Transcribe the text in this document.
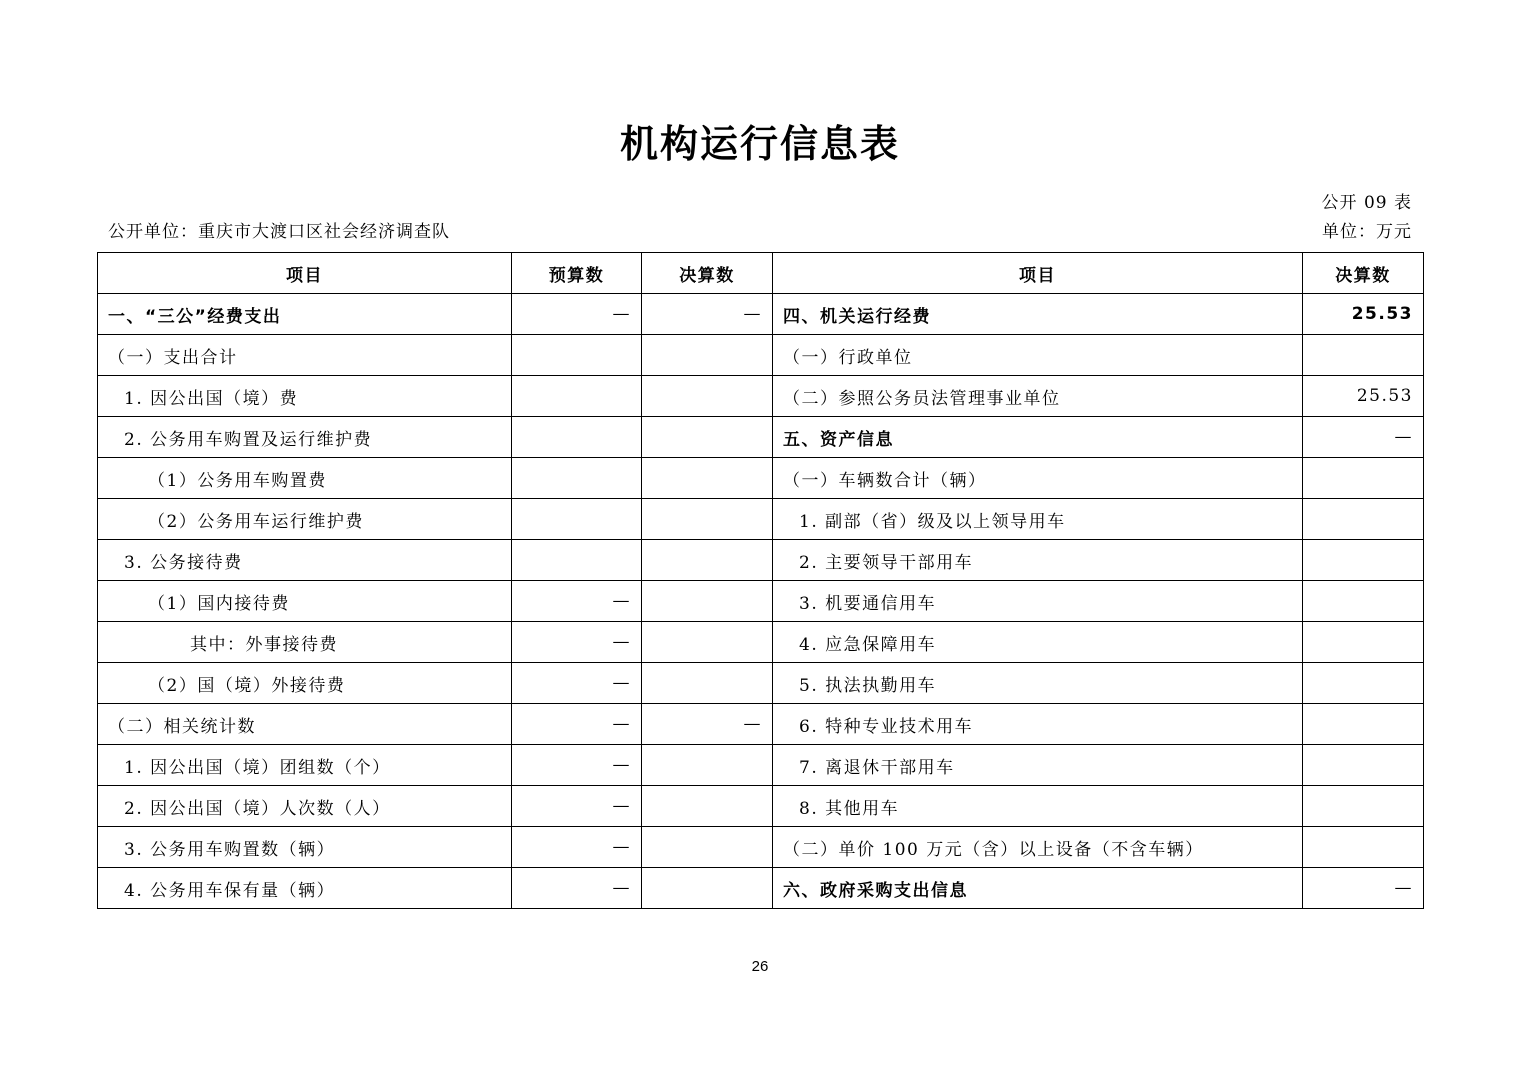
机构运行信息表
公开 09 表
公开单位：重庆市大渡口区社会经济调查队	单位：万元
项目	预算数	决算数	项目	决算数
一、“三公”经费支出	—	—	四、机关运行经费	25.53
（一）支出合计			（一）行政单位	
1. 因公出国（境）费			（二）参照公务员法管理事业单位	25.53
2. 公务用车购置及运行维护费			五、资产信息	—
（1）公务用车购置费			（一）车辆数合计（辆）	
（2）公务用车运行维护费			1. 副部（省）级及以上领导用车	
3. 公务接待费			2. 主要领导干部用车	
（1）国内接待费	—		3. 机要通信用车	
其中：外事接待费	—		4. 应急保障用车	
（2）国（境）外接待费	—		5. 执法执勤用车	
（二）相关统计数	—	—	6. 特种专业技术用车	
1. 因公出国（境）团组数（个）	—		7. 离退休干部用车	
2. 因公出国（境）人次数（人）	—		8. 其他用车	
3. 公务用车购置数（辆）	—		（二）单价 100 万元（含）以上设备（不含车辆）	
4. 公务用车保有量（辆）	—		六、政府采购支出信息	—
26
